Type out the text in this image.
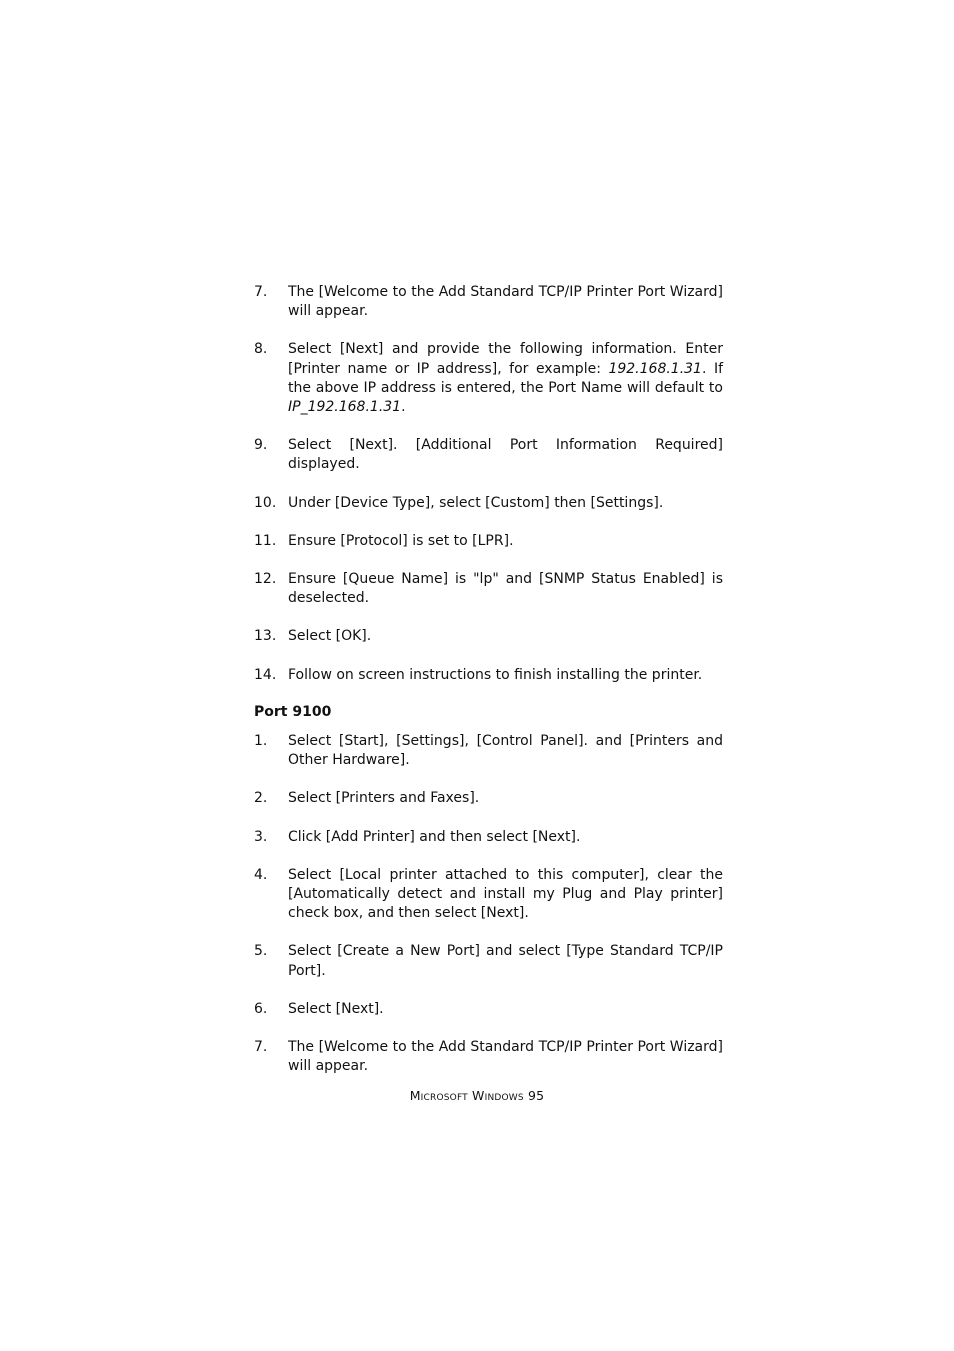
7.	The [Welcome to the Add Standard TCP/IP Printer Port Wizard] will appear.
8.	Select [Next] and provide the following information. Enter [Printer name or IP address], for example: 192.168.1.31. If the above IP address is entered, the Port Name will default to IP_192.168.1.31.
9.	Select [Next]. [Additional Port Information Required] displayed.
10. Under [Device Type], select [Custom] then [Settings].
11. Ensure [Protocol] is set to [LPR].
12. Ensure [Queue Name] is "lp" and [SNMP Status Enabled] is deselected.
13. Select [OK].
14. Follow on screen instructions to finish installing the printer.
Port 9100
1.	Select [Start], [Settings], [Control Panel]. and [Printers and Other Hardware].
2.	Select [Printers and Faxes].
3.	Click [Add Printer] and then select [Next].
4.	Select [Local printer attached to this computer], clear the [Automatically detect and install my Plug and Play printer] check box, and then select [Next].
5.	Select [Create a New Port] and select [Type Standard TCP/IP Port].
6.	Select [Next].
7.	The [Welcome to the Add Standard TCP/IP Printer Port Wizard] will appear.
Microsoft Windows 95
